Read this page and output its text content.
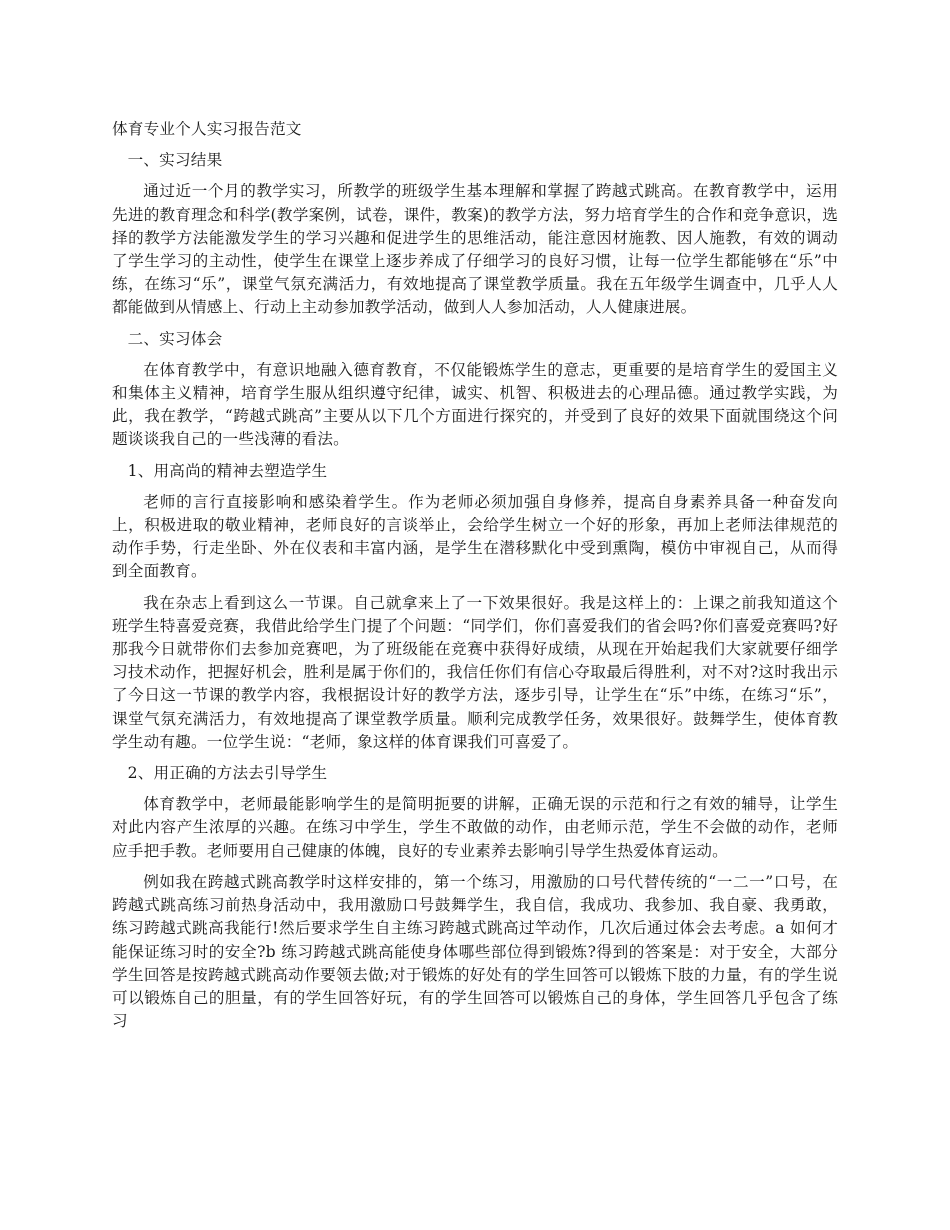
体育专业个人实习报告范文

一、实习结果

通过近一个月的教学实习，所教学的班级学生基本理解和掌握了跨越式跳高。在教育教学中，运用先进的教育理念和科学(教学案例，试卷，课件，教案)的教学方法，努力培育学生的合作和竞争意识，选择的教学方法能激发学生的学习兴趣和促进学生的思维活动，能注意因材施教、因人施教，有效的调动了学生学习的主动性，使学生在课堂上逐步养成了仔细学习的良好习惯，让每一位学生都能够在“乐”中练，在练习“乐”，课堂气氛充满活力，有效地提高了课堂教学质量。我在五年级学生调查中，几乎人人都能做到从情感上、行动上主动参加教学活动，做到人人参加活动，人人健康进展。

二、实习体会

在体育教学中，有意识地融入德育教育，不仅能锻炼学生的意志，更重要的是培育学生的爱国主义和集体主义精神，培育学生服从组织遵守纪律，诚实、机智、积极进去的心理品德。通过教学实践，为此，我在教学，“跨越式跳高”主要从以下几个方面进行探究的，并受到了良好的效果下面就围绕这个问题谈谈我自己的一些浅薄的看法。

1、用高尚的精神去塑造学生

老师的言行直接影响和感染着学生。作为老师必须加强自身修养，提高自身素养具备一种奋发向上，积极进取的敬业精神，老师良好的言谈举止，会给学生树立一个好的形象，再加上老师法律规范的动作手势，行走坐卧、外在仪表和丰富内涵，是学生在潜移默化中受到熏陶，模仿中审视自己，从而得到全面教育。

我在杂志上看到这么一节课。自己就拿来上了一下效果很好。我是这样上的：上课之前我知道这个班学生特喜爱竞赛，我借此给学生门提了个问题：“同学们，你们喜爱我们的省会吗?你们喜爱竞赛吗?好那我今日就带你们去参加竞赛吧，为了班级能在竞赛中获得好成绩，从现在开始起我们大家就要仔细学习技术动作，把握好机会，胜利是属于你们的，我信任你们有信心夺取最后得胜利，对不对?这时我出示了今日这一节课的教学内容，我根据设计好的教学方法，逐步引导，让学生在“乐”中练，在练习“乐”，课堂气氛充满活力，有效地提高了课堂教学质量。顺利完成教学任务，效果很好。鼓舞学生，使体育教学生动有趣。一位学生说：“老师，象这样的体育课我们可喜爱了。

2、用正确的方法去引导学生

体育教学中，老师最能影响学生的是简明扼要的讲解，正确无误的示范和行之有效的辅导，让学生对此内容产生浓厚的兴趣。在练习中学生，学生不敢做的动作，由老师示范，学生不会做的动作，老师应手把手教。老师要用自己健康的体魄，良好的专业素养去影响引导学生热爱体育运动。

例如我在跨越式跳高教学时这样安排的，第一个练习，用激励的口号代替传统的“一二一”口号，在跨越式跳高练习前热身活动中，我用激励口号鼓舞学生，我自信，我成功、我参加、我自豪、我勇敢，练习跨越式跳高我能行!然后要求学生自主练习跨越式跳高过竿动作，几次后通过体会去考虑。a 如何才能保证练习时的安全?b 练习跨越式跳高能使身体哪些部位得到锻炼?得到的答案是：对于安全，大部分学生回答是按跨越式跳高动作要领去做;对于锻炼的好处有的学生回答可以锻炼下肢的力量，有的学生说可以锻炼自己的胆量，有的学生回答好玩，有的学生回答可以锻炼自己的身体，学生回答几乎包含了练习
